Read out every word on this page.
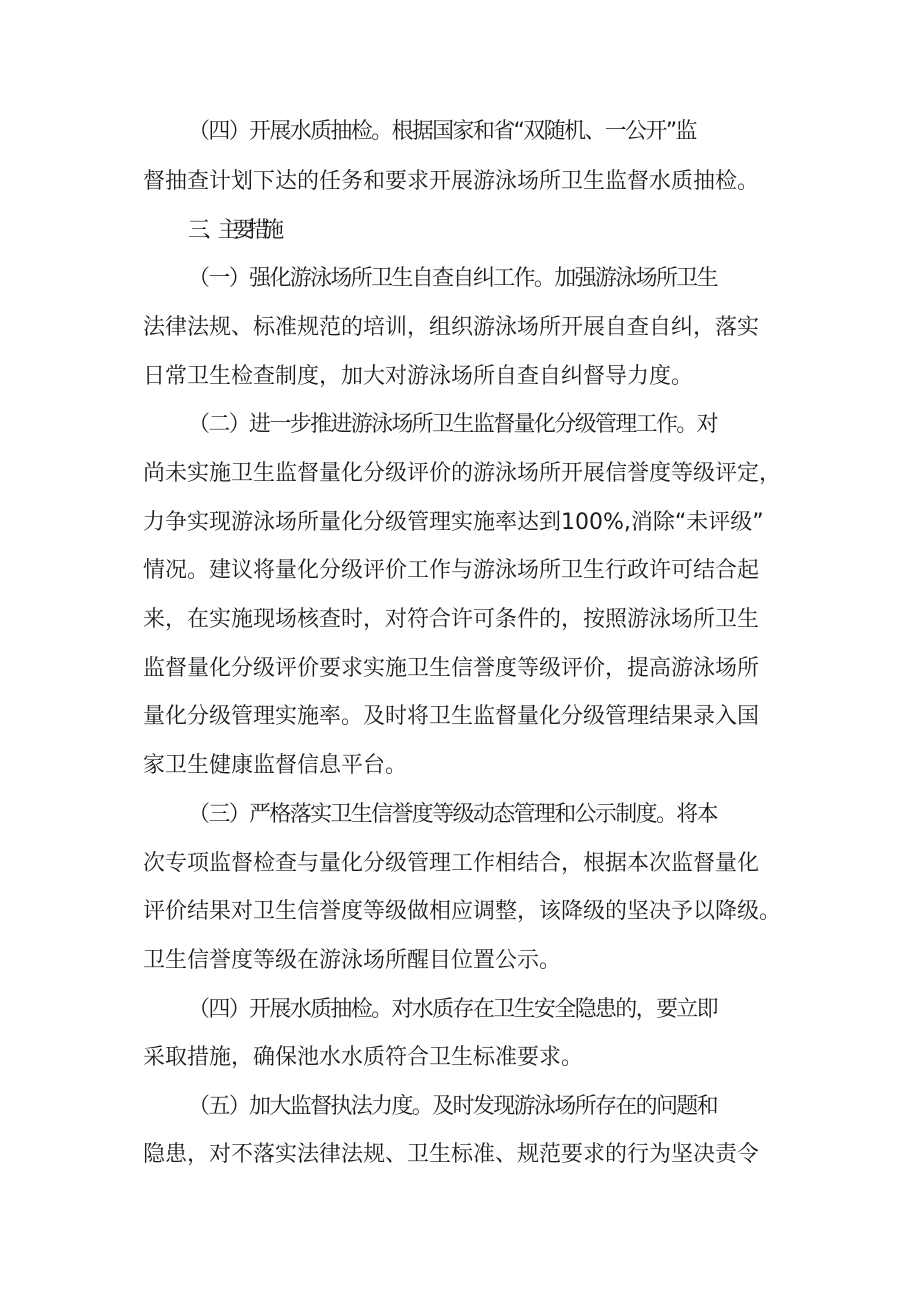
（四）开展水质抽检。根据国家和省“双随机、一公开”监

督抽查计划下达的任务和要求开展游泳场所卫生监督水质抽检。

三、主要措施

（一）强化游泳场所卫生自查自纠工作。加强游泳场所卫生

法律法规、标准规范的培训，组织游泳场所开展自查自纠，落实

日常卫生检查制度，加大对游泳场所自查自纠督导力度。

（二）进一步推进游泳场所卫生监督量化分级管理工作。对

尚未实施卫生监督量化分级评价的游泳场所开展信誉度等级评定，

力争实现游泳场所量化分级管理实施率达到100%,消除“未评级”

情况。建议将量化分级评价工作与游泳场所卫生行政许可结合起

来，在实施现场核查时，对符合许可条件的，按照游泳场所卫生

监督量化分级评价要求实施卫生信誉度等级评价，提高游泳场所

量化分级管理实施率。及时将卫生监督量化分级管理结果录入国

家卫生健康监督信息平台。

（三）严格落实卫生信誉度等级动态管理和公示制度。将本

次专项监督检查与量化分级管理工作相结合，根据本次监督量化

评价结果对卫生信誉度等级做相应调整，该降级的坚决予以降级。

卫生信誉度等级在游泳场所醒目位置公示。

（四）开展水质抽检。对水质存在卫生安全隐患的，要立即

采取措施，确保池水水质符合卫生标准要求。

（五）加大监督执法力度。及时发现游泳场所存在的问题和

隐患，对不落实法律法规、卫生标准、规范要求的行为坚决责令
